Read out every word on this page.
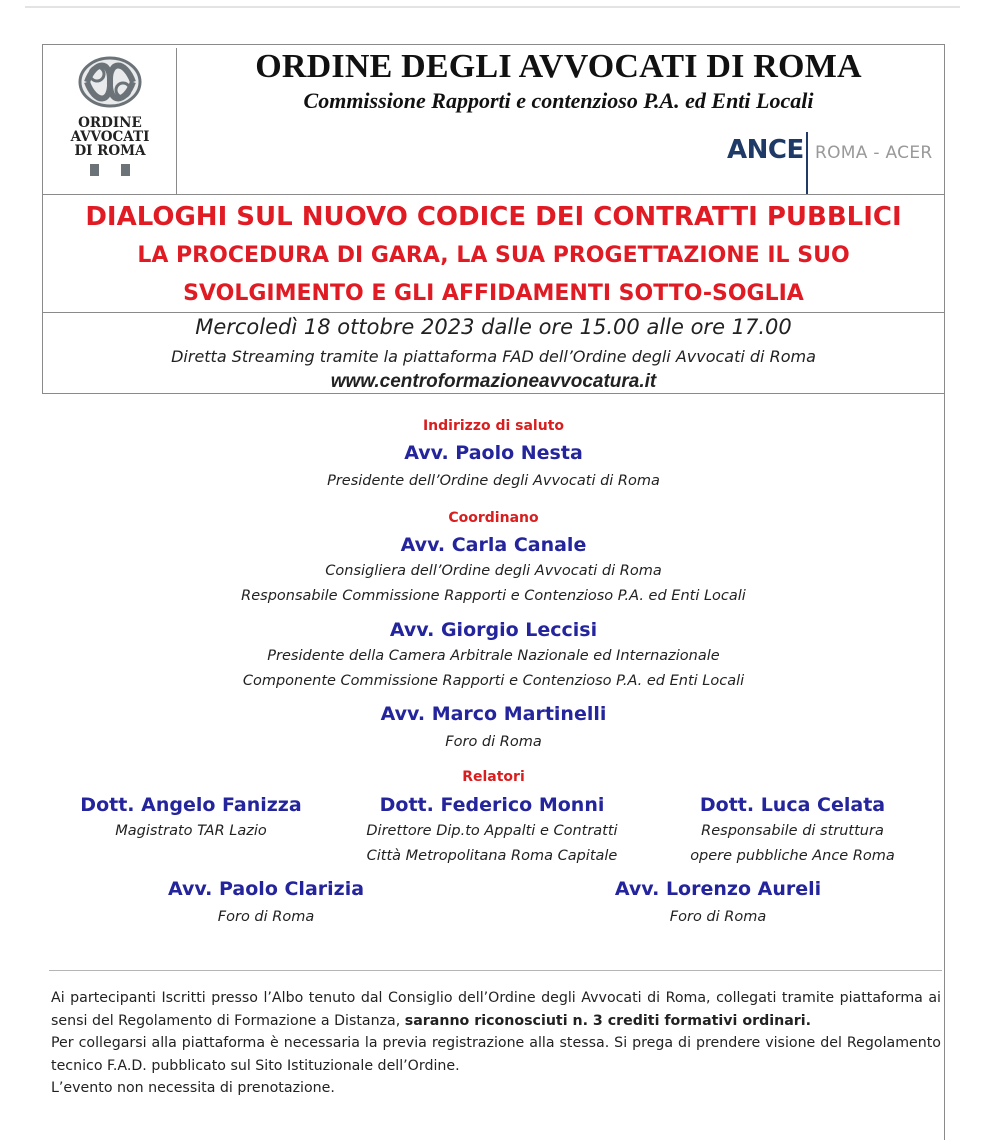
ORDINE
AVVOCATI
DI ROMA
ORDINE DEGLI AVVOCATI DI ROMA
Commissione Rapporti e contenzioso P.A. ed Enti Locali
ANCE ROMA - ACER
DIALOGHI SUL NUOVO CODICE DEI CONTRATTI PUBBLICI
LA PROCEDURA DI GARA, LA SUA PROGETTAZIONE IL SUO
SVOLGIMENTO E GLI AFFIDAMENTI SOTTO-SOGLIA
Mercoledì 18 ottobre 2023 dalle ore 15.00 alle ore 17.00
Diretta Streaming tramite la piattaforma FAD dell’Ordine degli Avvocati di Roma
www.centroformazioneavvocatura.it
Indirizzo di saluto
Avv. Paolo Nesta
Presidente dell’Ordine degli Avvocati di Roma
Coordinano
Avv. Carla Canale
Consigliera dell’Ordine degli Avvocati di Roma
Responsabile Commissione Rapporti e Contenzioso P.A. ed Enti Locali
Avv. Giorgio Leccisi
Presidente della Camera Arbitrale Nazionale ed Internazionale
Componente Commissione Rapporti e Contenzioso P.A. ed Enti Locali
Avv. Marco Martinelli
Foro di Roma
Relatori
Dott. Angelo Fanizza
Magistrato TAR Lazio
Dott. Federico Monni
Direttore Dip.to Appalti e Contratti
Città Metropolitana Roma Capitale
Dott. Luca Celata
Responsabile di struttura
opere pubbliche Ance Roma
Avv. Paolo Clarizia
Foro di Roma
Avv. Lorenzo Aureli
Foro di Roma

Ai partecipanti Iscritti presso l’Albo tenuto dal Consiglio dell’Ordine degli Avvocati di Roma, collegati tramite piattaforma ai sensi del Regolamento di Formazione a Distanza, saranno riconosciuti n. 3 crediti formativi ordinari.

Per collegarsi alla piattaforma è necessaria la previa registrazione alla stessa. Si prega di prendere visione del Regolamento tecnico F.A.D. pubblicato sul Sito Istituzionale dell’Ordine.

L’evento non necessita di prenotazione.
